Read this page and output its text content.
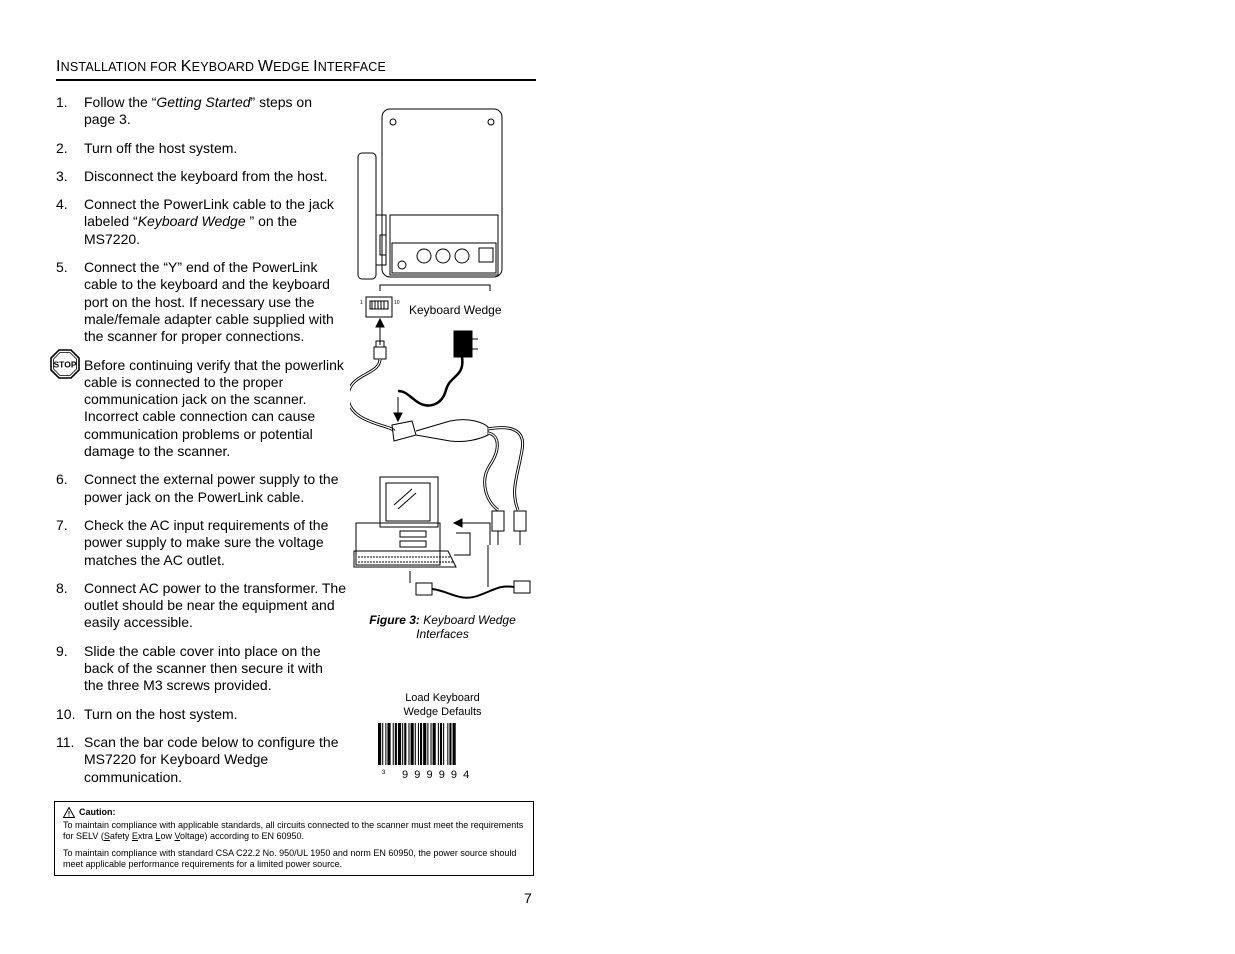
INSTALLATION FOR KEYBOARD WEDGE INTERFACE
1. Follow the “Getting Started” steps on page 3.
2. Turn off the host system.
3. Disconnect the keyboard from the host.
4. Connect the PowerLink cable to the jack labeled “Keyboard Wedge ” on the MS7220.
5. Connect the “Y” end of the PowerLink cable to the keyboard and the keyboard port on the host. If necessary use the male/female adapter cable supplied with the scanner for proper connections.
STOP Before continuing verify that the powerlink cable is connected to the proper communication jack on the scanner. Incorrect cable connection can cause communication problems or potential damage to the scanner.
6. Connect the external power supply to the power jack on the PowerLink cable.
7. Check the AC input requirements of the power supply to make sure the voltage matches the AC outlet.
8. Connect AC power to the transformer. The outlet should be near the equipment and easily accessible.
9. Slide the cable cover into place on the back of the scanner then secure it with the three M3 screws provided.
10. Turn on the host system.
11. Scan the bar code below to configure the MS7220 for Keyboard Wedge communication.
1	10 Keyboard Wedge
Figure 3: Keyboard Wedge Interfaces
Load Keyboard
Wedge Defaults
3 9  9  9  9  9  4
Caution:

To maintain compliance with applicable standards, all circuits connected to the scanner must meet the requirements for SELV (Safety Extra Low Voltage) according to EN 60950.

To maintain compliance with standard CSA C22.2 No. 950/UL 1950 and norm EN 60950, the power source should meet applicable performance requirements for a limited power source.

7
